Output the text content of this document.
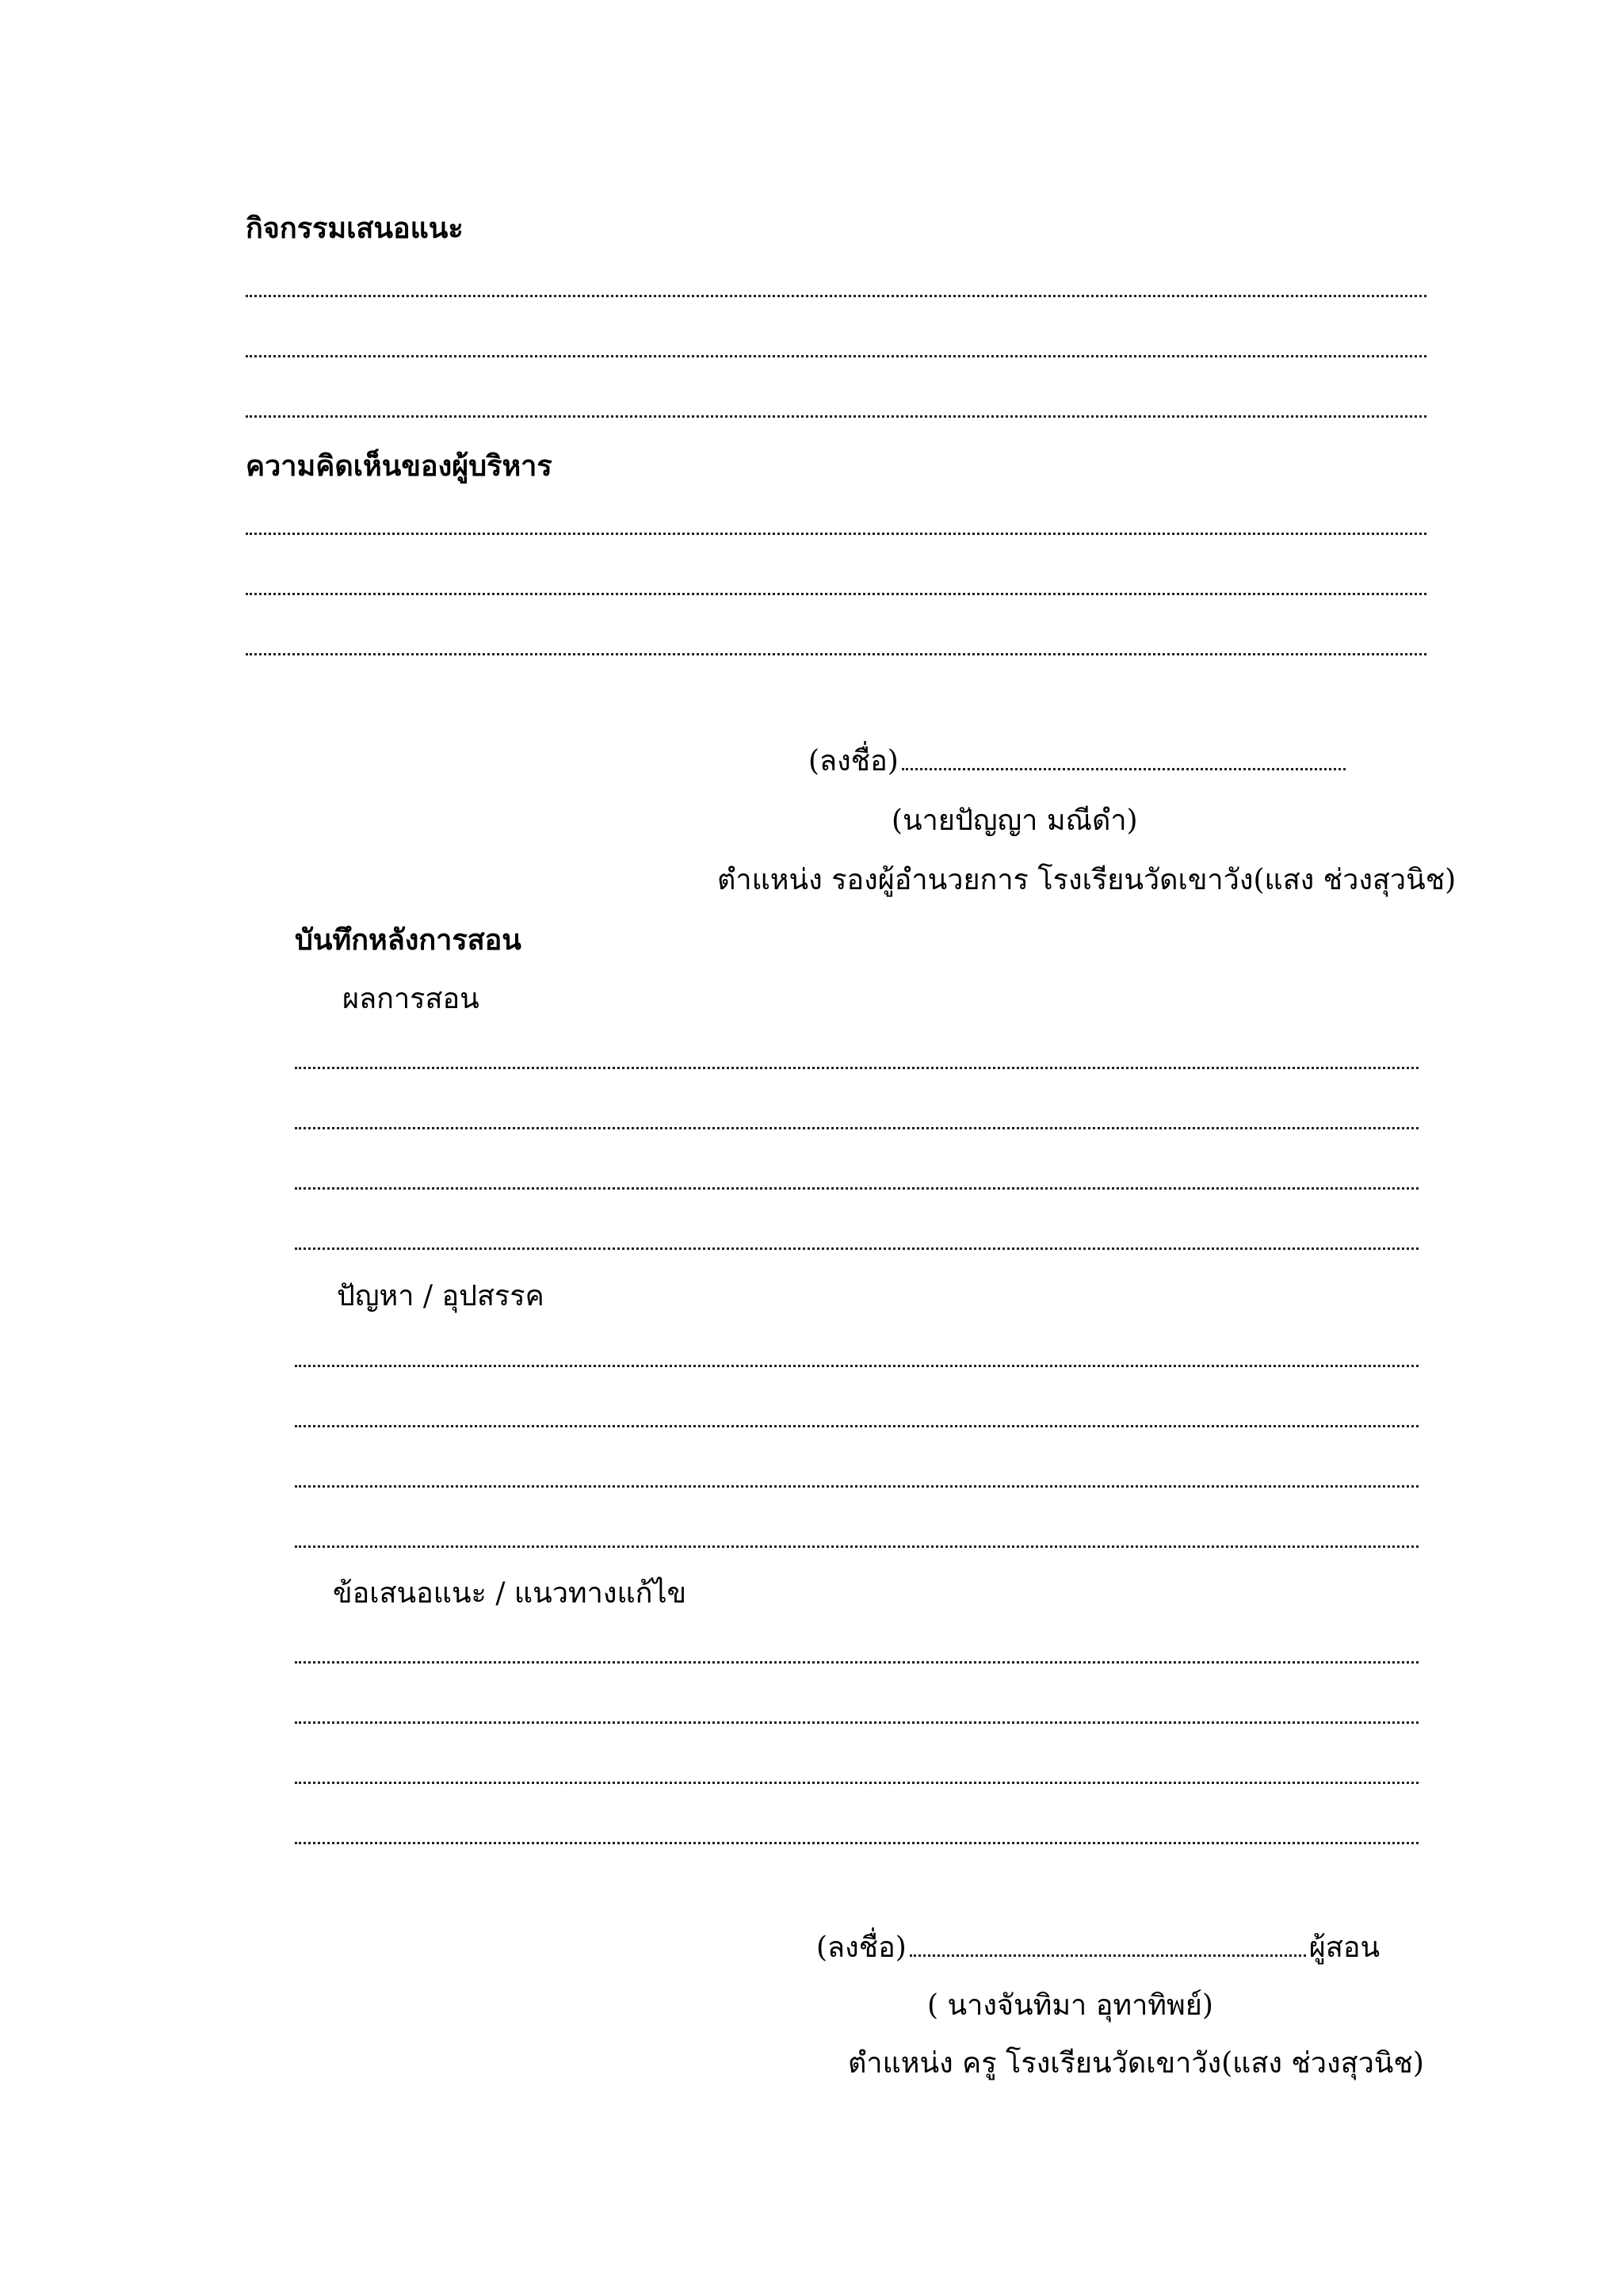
กิจกรรมเสนอแนะ
ความคิดเห็นของผู้บริหาร
(ลงชื่อ)
(นายปัญญา มณีดำ)
ตำแหน่ง รองผู้อำนวยการ โรงเรียนวัดเขาวัง(แสง ช่วงสุวนิช)
บันทึกหลังการสอน
ผลการสอน
ปัญหา / อุปสรรค
ข้อเสนอแนะ / แนวทางแก้ไข
(ลงชื่อ)	ผู้สอน
( นางจันทิมา อุทาทิพย์)
ตำแหน่ง ครู โรงเรียนวัดเขาวัง(แสง ช่วงสุวนิช)
